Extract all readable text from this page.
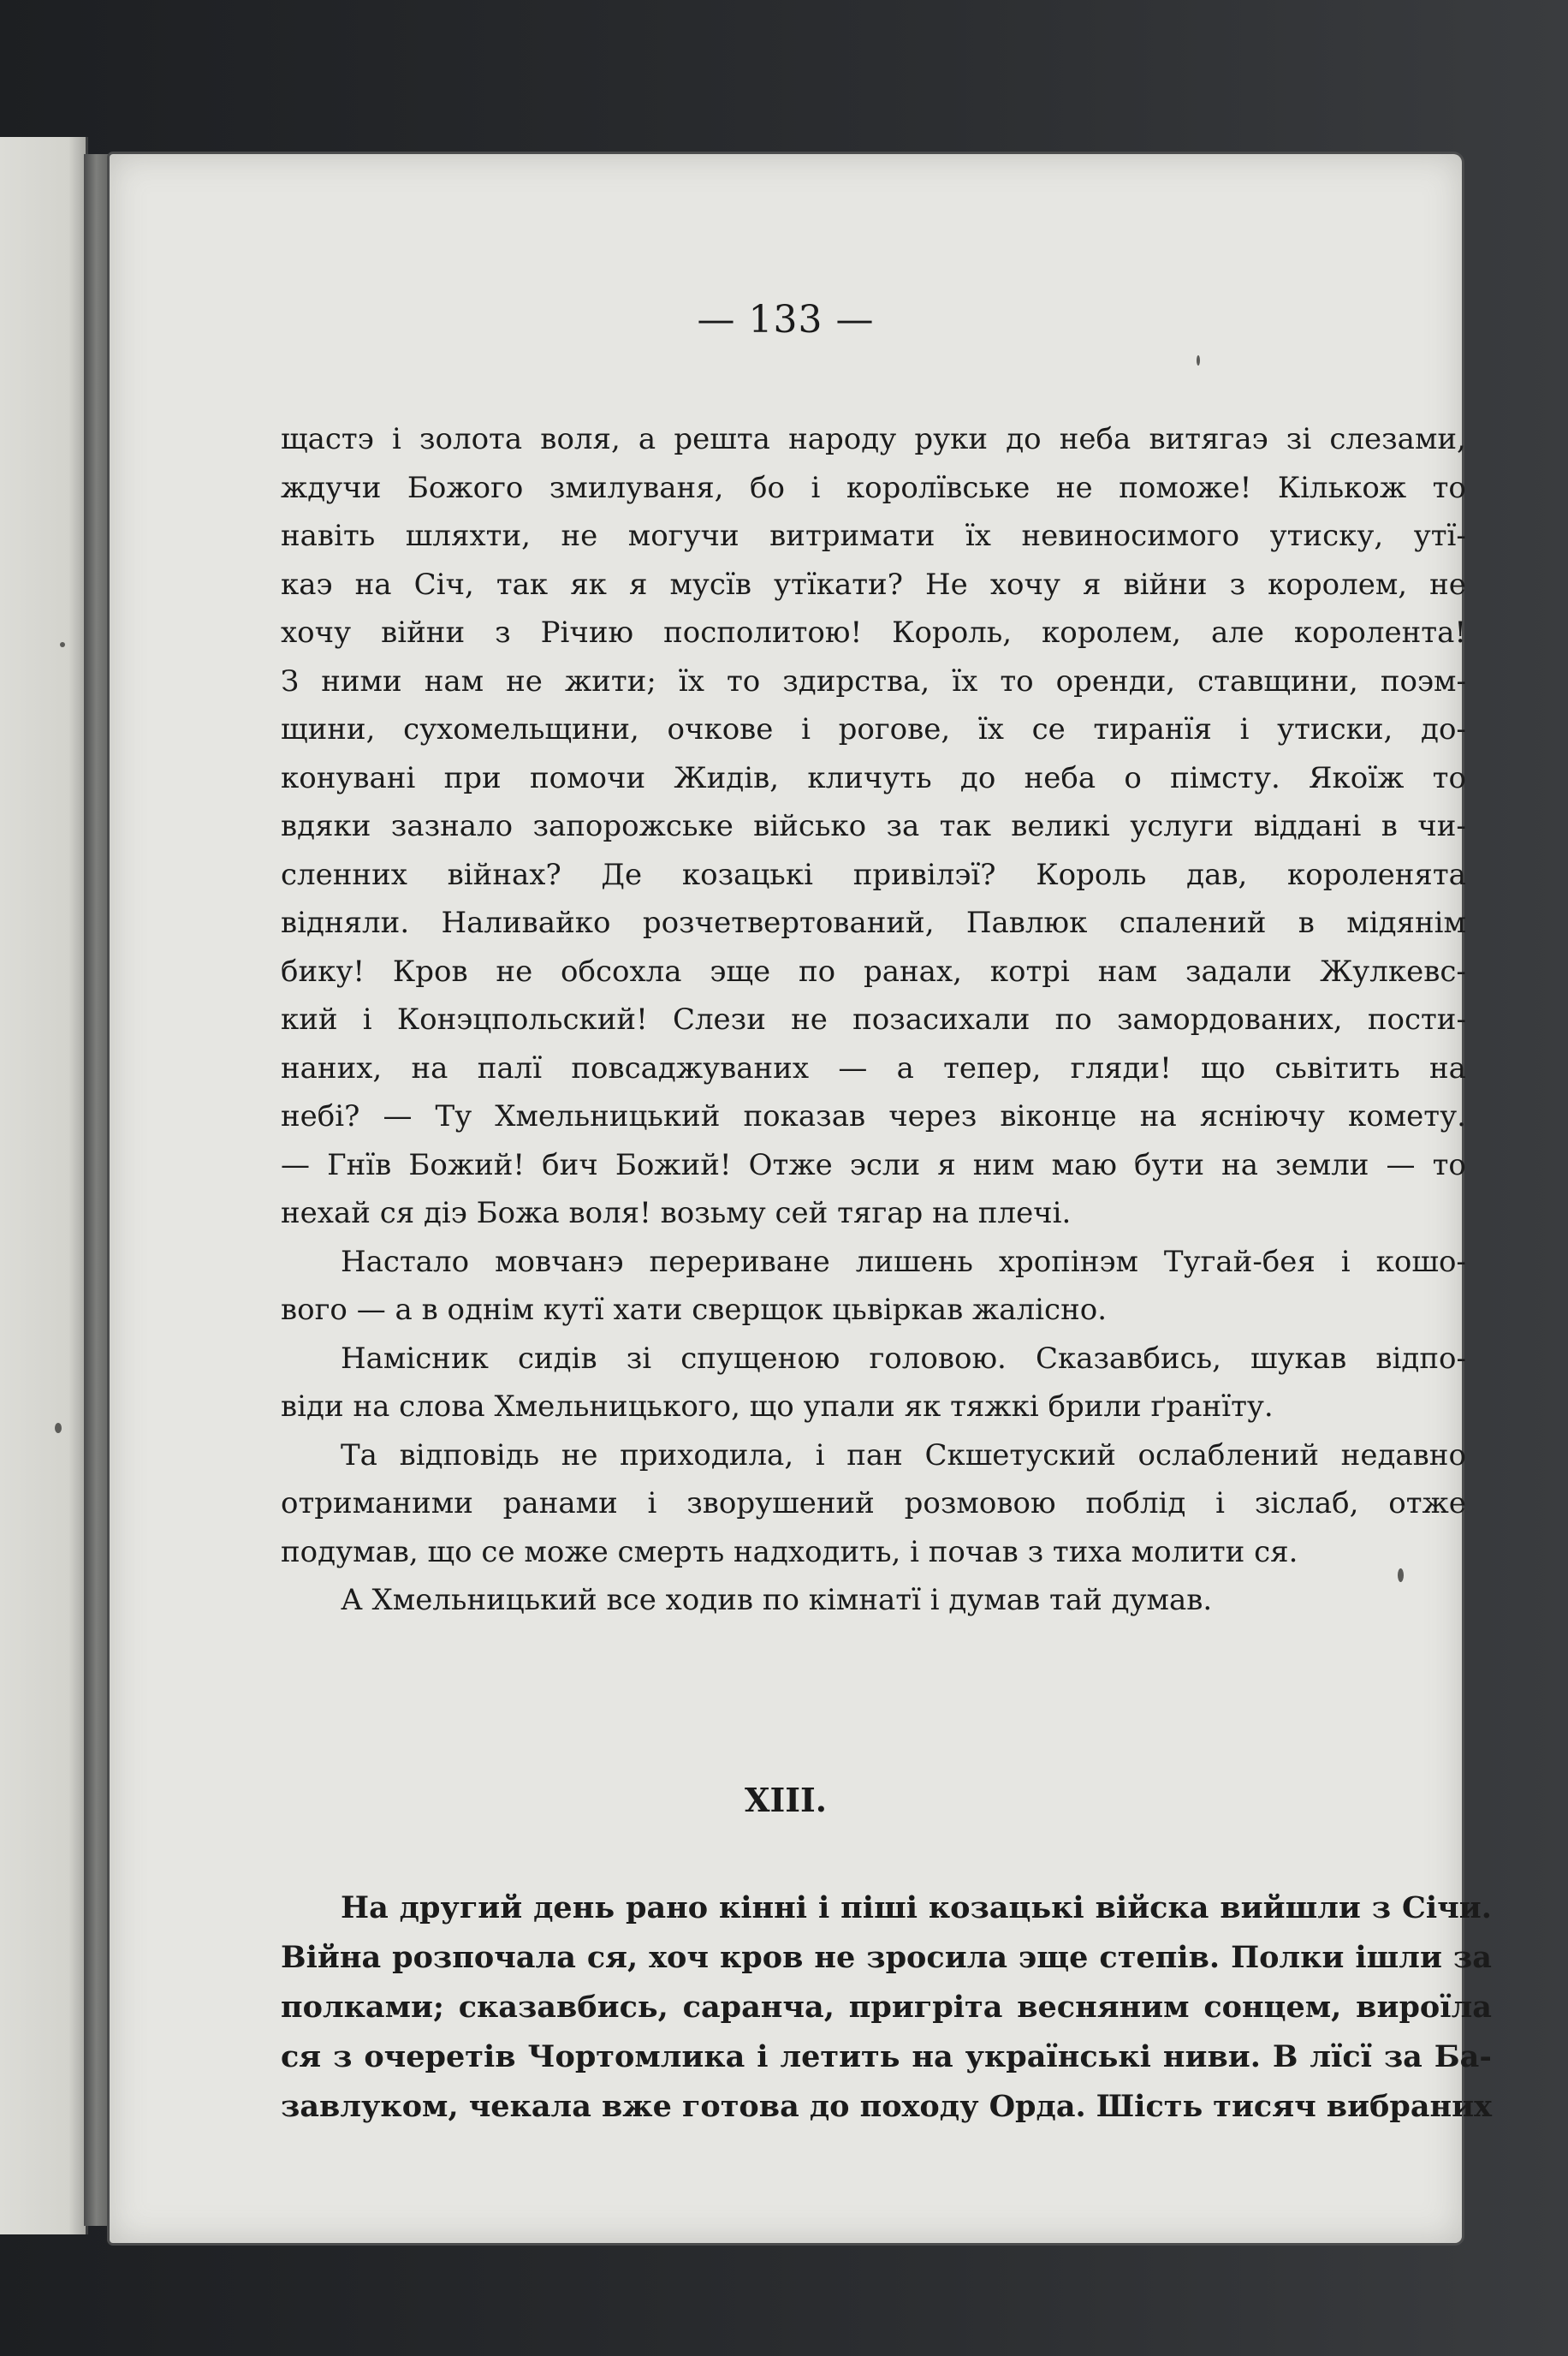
— 133 —
щастэ і золота воля, а решта народу руки до неба витягаэ зі слезами,
ждучи Божого змилуваня, бо і королївське не поможе! Кількож то
навіть шляхти, не могучи витримати їх невиносимого утиску, утї-
каэ на Січ, так як я мусїв утїкати? Не хочу я війни з королем, не
хочу війни з Річию посполитою! Король, королем, але королента!
З ними нам не жити; їх то здирства, їх то оренди, ставщини, поэм-
щини, сухомельщини, очкове і рогове, їх се тиранїя і утиски, до-
конувані при помочи Жидів, кличуть до неба о пімсту. Якоїж то
вдяки зазнало запорожське військо за так великі услуги віддані в чи-
сленних війнах? Де козацькі привілэї? Король дав, короленята
відняли. Наливайко розчетвертований, Павлюк спалений в мідянім
бику! Кров не обсохла эще по ранах, котрі нам задали Жулкевс-
кий і Конэцпольский! Слези не позасихали по замордованих, пости-
наних, на палї повсаджуваних — а тепер, гляди! що сьвітить на
небі? — Ту Хмельницький показав через віконце на ясніючу комету.
— Гнїв Божий! бич Божий! Отже эсли я ним маю бути на земли — то
нехай ся діэ Божа воля! возьму сей тягар на плечі.
Настало мовчанэ перериване лишень хропінэм Тугай-бея і кошо-
вого — а в однім кутї хати сверщок цьвіркав жалісно.
Намісник сидів зі спущеною головою. Сказавбись, шукав відпо-
віди на слова Хмельницького, що упали як тяжкі брили ґранїту.
Та відповідь не приходила, і пан Скшетуский ослаблений недавно
отриманими ранами і зворушений розмовою поблід і зіслаб, отже
подумав, що се може смерть надходить, і почав з тиха молити ся.
А Хмельницький все ходив по кімнатї і думав тай думав.
XIII.
На другий день рано кінні і піші козацькі війска вийшли з Січи.
Війна розпочала ся, хоч кров не зросила эще степів. Полки ішли за
полками; сказавбись, саранча, пригріта весняним сонцем, вироїла
ся з очеретів Чортомлика і летить на українські ниви. В лїсї за Ба-
завлуком, чекала вже готова до походу Орда. Шість тисяч вибраних
